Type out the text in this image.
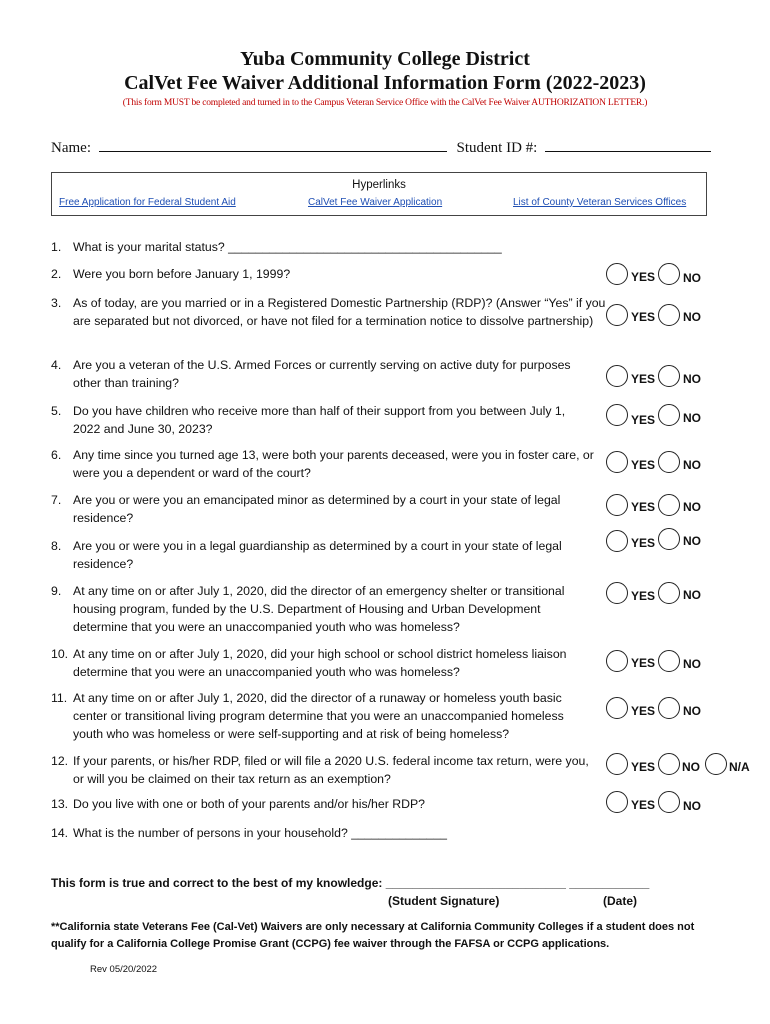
Yuba Community College District
CalVet Fee Waiver Additional Information Form (2022-2023)
(This form MUST be completed and turned in to the Campus Veteran Service Office with the CalVet Fee Waiver AUTHORIZATION LETTER.)
Name:	Student ID #:
Hyperlinks
Free Application for Federal Student Aid	CalVet Fee Waiver Application	List of County Veteran Services Offices
1. What is your marital status? ________________________________________
2. Were you born before January 1, 1999?	YES NO
3. As of today, are you married or in a Registered Domestic Partnership (RDP)? (Answer “Yes” if you are separated but not divorced, or have not filed for a termination notice to dissolve partnership)	YES NO
4. Are you a veteran of the U.S. Armed Forces or currently serving on active duty for purposes other than training?	YES NO
5. Do you have children who receive more than half of their support from you between July 1, 2022 and June 30, 2023?
YES NO
6. Any time since you turned age 13, were both your parents deceased, were you in foster care, or were you a dependent or ward of the court?
YES NO
7. Are you or were you an emancipated minor as determined by a court in your state of legal residence?
YES NO
8. Are you or were you in a legal guardianship as determined by a court in your state of legal residence?
YES NO
9. At any time on or after July 1, 2020, did the director of an emergency shelter or transitional housing program, funded by the U.S. Department of Housing and Urban Development determine that you were an unaccompanied youth who was homeless?
YES NO
10. At any time on or after July 1, 2020, did your high school or school district homeless liaison determine that you were an unaccompanied youth who was homeless?
YES NO
11. At any time on or after July 1, 2020, did the director of a runaway or homeless youth basic center or transitional living program determine that you were an unaccompanied homeless youth who was homeless or were self-supporting and at risk of being homeless?
YES NO
12. If your parents, or his/her RDP, filed or will file a 2020 U.S. federal income tax return, were you, or will you be claimed on their tax return as an exemption?
YES NO N/A
13. Do you live with one or both of your parents and/or his/her RDP?	YES NO
14. What is the number of persons in your household? ______________
This form is true and correct to the best of my knowledge: ___________________________ ____________
(Student Signature)	(Date)
**California state Veterans Fee (Cal-Vet) Waivers are only necessary at California Community Colleges if a student does not qualify for a California College Promise Grant (CCPG) fee waiver through the FAFSA or CCPG applications.
Rev 05/20/2022
